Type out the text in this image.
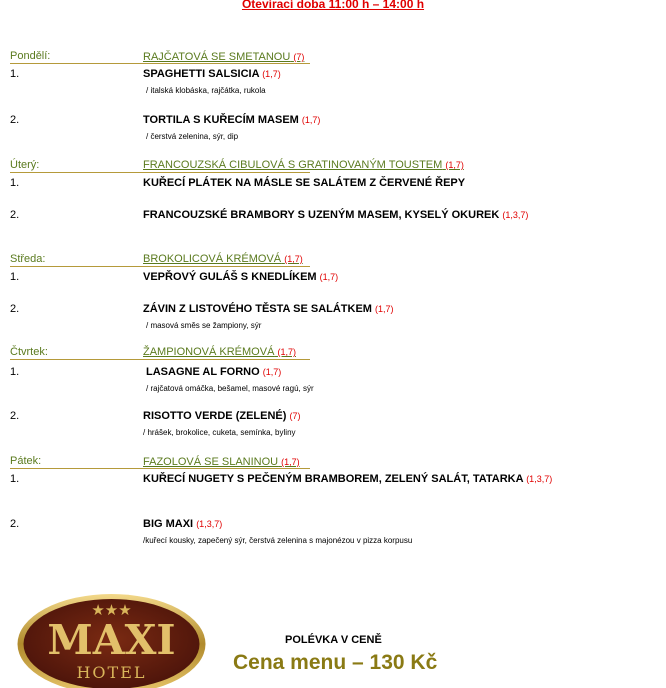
Otevírací doba 11:00 h – 14:00 h
Pondělí:	RAJČATOVÁ SE SMETANOU (7)
1.	SPAGHETTI SALSICIA (1,7)
/ italská klobáska, rajčátka, rukola
2.	TORTILA S KUŘECÍM MASEM (1,7)
/ čerstvá zelenina, sýr, dip
Úterý:	FRANCOUZSKÁ CIBULOVÁ S GRATINOVANÝM TOUSTEM (1,7)
1.	KUŘECÍ PLÁTEK NA MÁSLE SE SALÁTEM Z ČERVENÉ ŘEPY
2.	FRANCOUZSKÉ BRAMBORY S UZENÝM MASEM, KYSELÝ OKUREK (1,3,7)
Středa:	BROKOLICOVÁ KRÉMOVÁ (1,7)
1.	VEPŘOVÝ GULÁŠ S KNEDLÍKEM (1,7)
2.	ZÁVIN Z LISTOVÉHO TĚSTA SE SALÁTKEM (1,7)
/ masová směs se žampiony, sýr
Čtvrtek:	ŽAMPIONOVÁ KRÉMOVÁ (1,7)
1.	LASAGNE AL FORNO (1,7)
/ rajčatová omáčka, bešamel, masové ragú, sýr
2.	RISOTTO VERDE (ZELENÉ) (7)
/ hrášek, brokolice, cuketa, semínka, byliny
Pátek:	FAZOLOVÁ SE SLANINOU (1,7)
1.	KUŘECÍ NUGETY S PEČENÝM BRAMBOREM, ZELENÝ SALÁT, TATARKA (1,3,7)
2.	BIG MAXI (1,3,7)
/kuřecí kousky, zapečený sýr, čerstvá zelenina s majonézou v pizza korpusu
★★★
MAXI
HOTEL
POLÉVKA V CENĚ
Cena menu – 130 Kč
